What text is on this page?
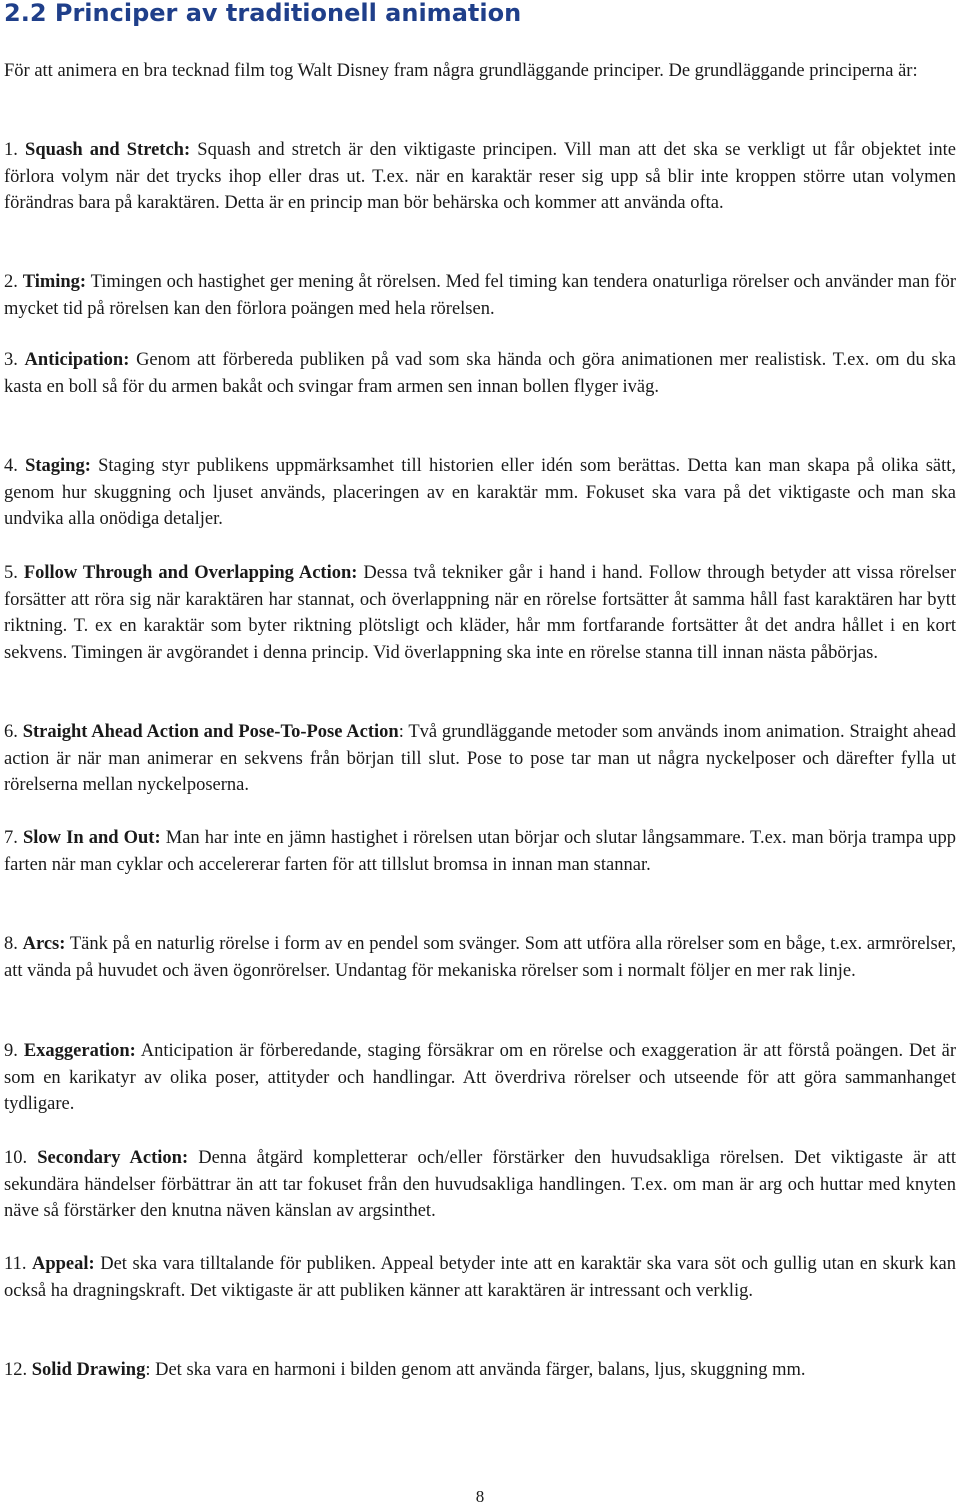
2.2 Principer av traditionell animation

För att animera en bra tecknad film tog Walt Disney fram några grundläggande principer. De grundläggande principerna är:

1. Squash and Stretch: Squash and stretch är den viktigaste principen. Vill man att det ska se verkligt ut får objektet inte förlora volym när det trycks ihop eller dras ut. T.ex. när en karaktär reser sig upp så blir inte kroppen större utan volymen förändras bara på karaktären. Detta är en princip man bör behärska och kommer att använda ofta.

2. Timing: Timingen och hastighet ger mening åt rörelsen. Med fel timing kan tendera onaturliga rörelser och använder man för mycket tid på rörelsen kan den förlora poängen med hela rörelsen.

3. Anticipation: Genom att förbereda publiken på vad som ska hända och göra animationen mer realistisk. T.ex. om du ska kasta en boll så för du armen bakåt och svingar fram armen sen innan bollen flyger iväg.

4. Staging: Staging styr publikens uppmärksamhet till historien eller idén som berättas. Detta kan man skapa på olika sätt, genom hur skuggning och ljuset används, placeringen av en karaktär mm. Fokuset ska vara på det viktigaste och man ska undvika alla onödiga detaljer.

5. Follow Through and Overlapping Action: Dessa två tekniker går i hand i hand. Follow through betyder att vissa rörelser forsätter att röra sig när karaktären har stannat, och överlappning när en rörelse fortsätter åt samma håll fast karaktären har bytt riktning. T. ex en karaktär som byter riktning plötsligt och kläder, hår mm fortfarande fortsätter åt det andra hållet i en kort sekvens. Timingen är avgörandet i denna princip. Vid överlappning ska inte en rörelse stanna till innan nästa påbörjas.

6. Straight Ahead Action and Pose-To-Pose Action: Två grundläggande metoder som används inom animation. Straight ahead action är när man animerar en sekvens från början till slut. Pose to pose tar man ut några nyckelposer och därefter fylla ut rörelserna mellan nyckelposerna.

7. Slow In and Out: Man har inte en jämn hastighet i rörelsen utan börjar och slutar långsammare. T.ex. man börja trampa upp farten när man cyklar och accelererar farten för att tillslut bromsa in innan man stannar.

8. Arcs: Tänk på en naturlig rörelse i form av en pendel som svänger. Som att utföra alla rörelser som en båge, t.ex. armrörelser, att vända på huvudet och även ögonrörelser. Undantag för mekaniska rörelser som i normalt följer en mer rak linje.

9. Exaggeration: Anticipation är förberedande, staging försäkrar om en rörelse och exaggeration är att förstå poängen. Det är som en karikatyr av olika poser, attityder och handlingar. Att överdriva rörelser och utseende för att göra sammanhanget tydligare.

10. Secondary Action: Denna åtgärd kompletterar och/eller förstärker den huvudsakliga rörelsen. Det viktigaste är att sekundära händelser förbättrar än att tar fokuset från den huvudsakliga handlingen. T.ex. om man är arg och huttar med knyten näve så förstärker den knutna näven känslan av argsinthet.

11. Appeal: Det ska vara tilltalande för publiken. Appeal betyder inte att en karaktär ska vara söt och gullig utan en skurk kan också ha dragningskraft. Det viktigaste är att publiken känner att karaktären är intressant och verklig.

12. Solid Drawing: Det ska vara en harmoni i bilden genom att använda färger, balans, ljus, skuggning mm.

8
